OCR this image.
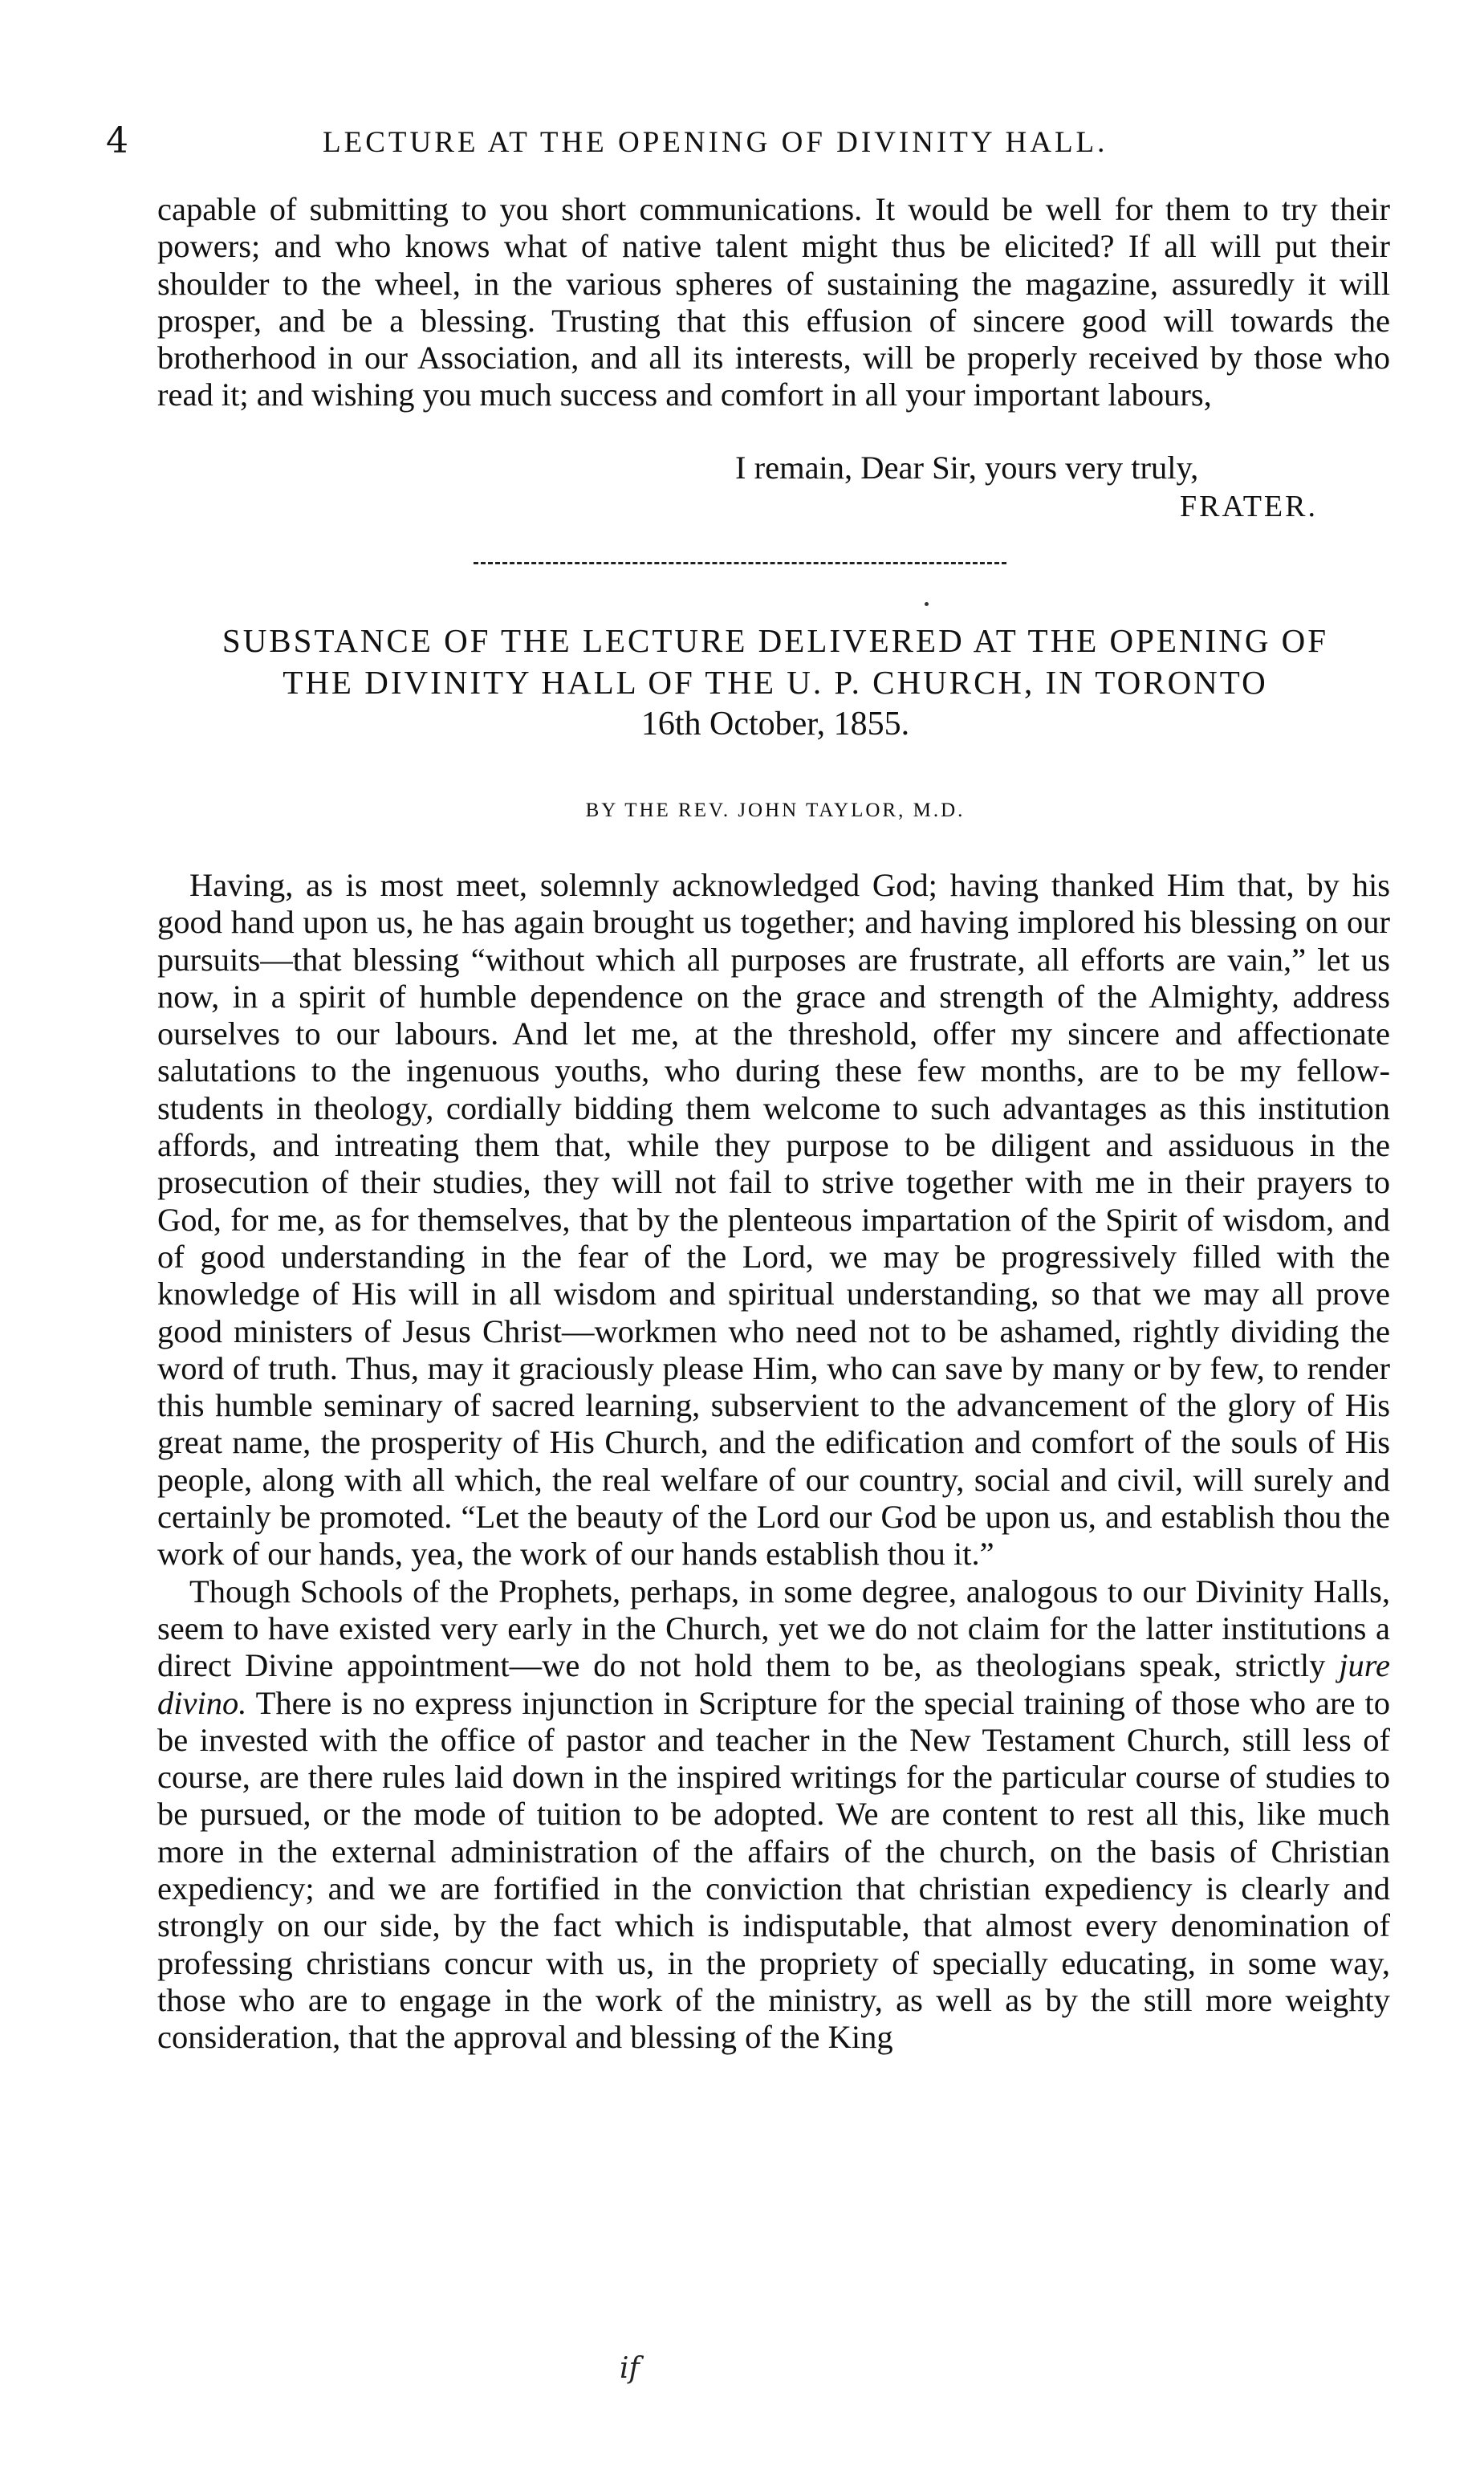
4	LECTURE AT THE OPENING OF DIVINITY HALL.

capable of submitting to you short communications. It would be well for them to try their powers; and who knows what of native talent might thus be elicited? If all will put their shoulder to the wheel, in the various spheres of sustaining the magazine, assuredly it will prosper, and be a blessing. Trusting that this effusion of sincere good will towards the brotherhood in our Association, and all its interests, will be properly received by those who read it; and wishing you much success and comfort in all your important labours,

I remain, Dear Sir, yours very truly,
FRATER.
SUBSTANCE OF THE LECTURE DELIVERED AT THE OPENING OF
THE DIVINITY HALL OF THE U. P. CHURCH, IN TORONTO
16th October, 1855.
BY THE REV. JOHN TAYLOR, M.D.

Having, as is most meet, solemnly acknowledged God; having thanked Him that, by his good hand upon us, he has again brought us together; and having implored his blessing on our pursuits—that blessing “without which all purposes are frustrate, all efforts are vain,” let us now, in a spirit of humble dependence on the grace and strength of the Almighty, address ourselves to our labours. And let me, at the threshold, offer my sincere and affectionate salutations to the ingenuous youths, who during these few months, are to be my fellow-students in theology, cordially bidding them welcome to such advantages as this institution affords, and intreating them that, while they purpose to be diligent and assiduous in the prosecution of their studies, they will not fail to strive together with me in their prayers to God, for me, as for themselves, that by the plenteous impartation of the Spirit of wisdom, and of good understanding in the fear of the Lord, we may be progressively filled with the knowledge of His will in all wisdom and spiritual understanding, so that we may all prove good ministers of Jesus Christ—workmen who need not to be ashamed, rightly dividing the word of truth. Thus, may it graciously please Him, who can save by many or by few, to render this humble seminary of sacred learning, subservient to the advancement of the glory of His great name, the prosperity of His Church, and the edification and comfort of the souls of His people, along with all which, the real welfare of our country, social and civil, will surely and certainly be promoted. “Let the beauty of the Lord our God be upon us, and establish thou the work of our hands, yea, the work of our hands establish thou it.”

Though Schools of the Prophets, perhaps, in some degree, analogous to our Divinity Halls, seem to have existed very early in the Church, yet we do not claim for the latter institutions a direct Divine appointment—we do not hold them to be, as theologians speak, strictly jure divino. There is no express injunction in Scripture for the special training of those who are to be invested with the office of pastor and teacher in the New Testament Church, still less of course, are there rules laid down in the inspired writings for the particular course of studies to be pursued, or the mode of tuition to be adopted. We are content to rest all this, like much more in the external administration of the affairs of the church, on the basis of Christian expediency; and we are fortified in the conviction that christian expediency is clearly and strongly on our side, by the fact which is indisputable, that almost every denomination of professing christians concur with us, in the propriety of specially educating, in some way, those who are to engage in the work of the ministry, as well as by the still more weighty consideration, that the approval and blessing of the King

if
